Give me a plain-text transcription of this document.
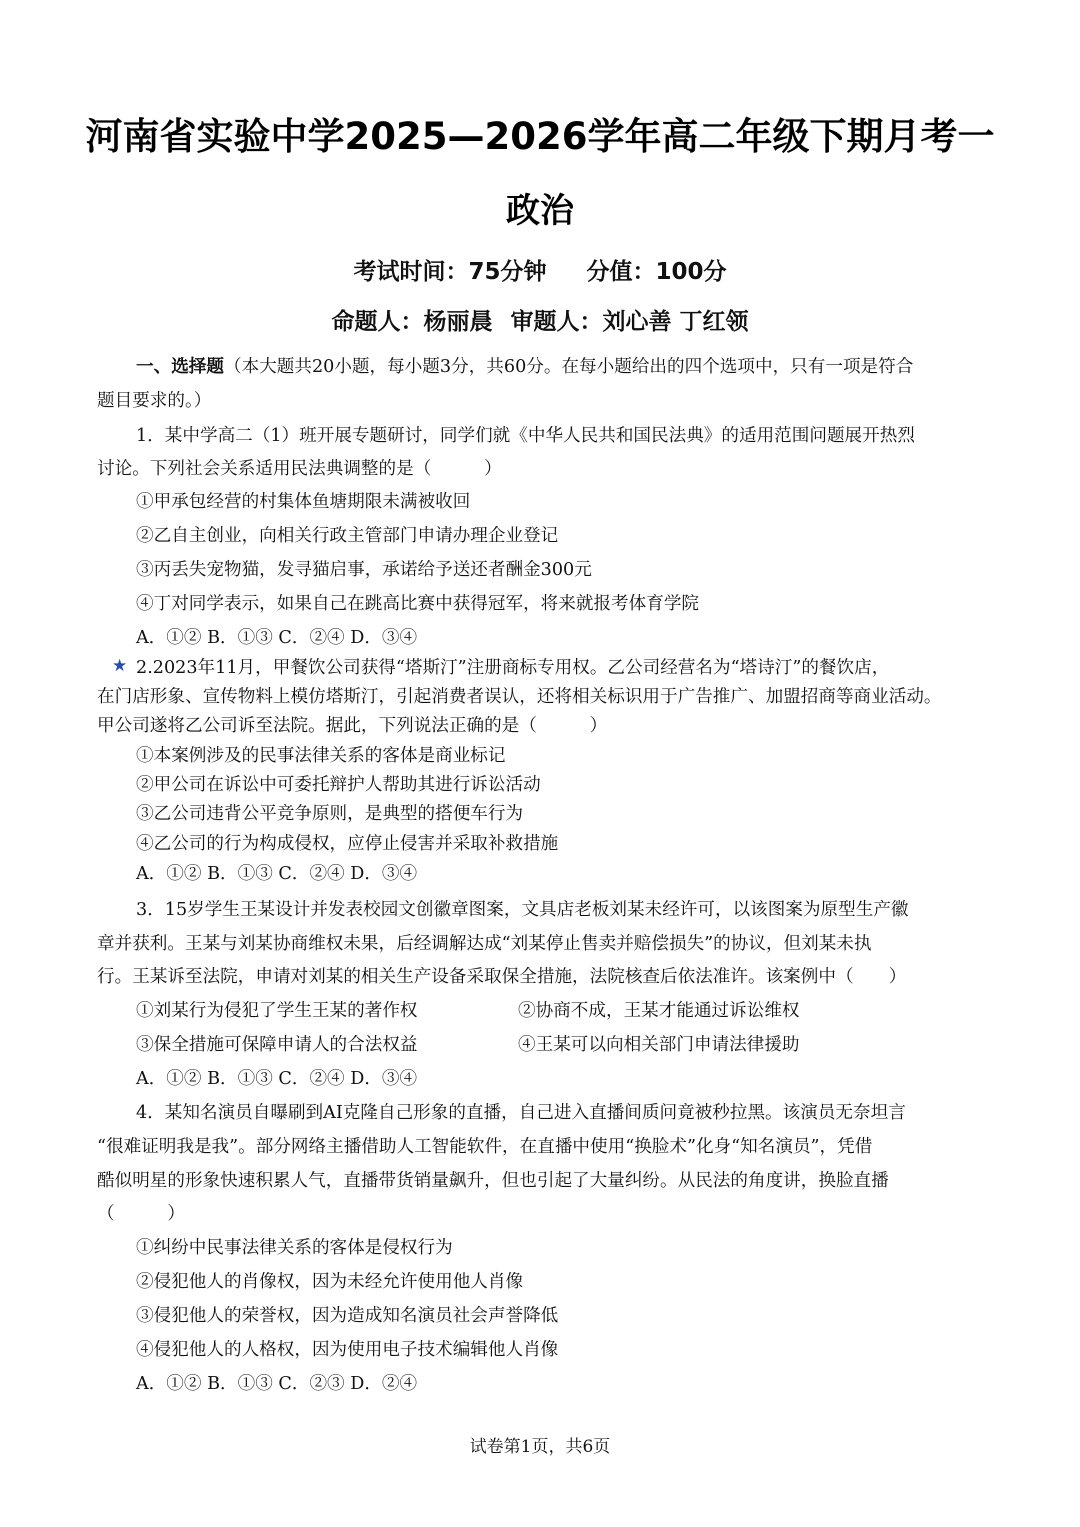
河南省实验中学2025—2026学年高二年级下期月考一
政治
考试时间：75分钟 分值：100分
命题人：杨丽晨 审题人：刘心善 丁红领
一、选择题（本大题共20小题，每小题3分，共60分。在每小题给出的四个选项中，只有一项是符合
题目要求的。）
1．某中学高二（1）班开展专题研讨，同学们就《中华人民共和国民法典》的适用范围问题展开热烈
讨论。下列社会关系适用民法典调整的是（　　　）
①甲承包经营的村集体鱼塘期限未满被收回
②乙自主创业，向相关行政主管部门申请办理企业登记
③丙丢失宠物猫，发寻猫启事，承诺给予送还者酬金300元
④丁对同学表示，如果自己在跳高比赛中获得冠军，将来就报考体育学院
A．①② B．①③ C．②④ D．③④
★ 2.2023年11月，甲餐饮公司获得“塔斯汀”注册商标专用权。乙公司经营名为“塔诗汀”的餐饮店，
在门店形象、宣传物料上模仿塔斯汀，引起消费者误认，还将相关标识用于广告推广、加盟招商等商业活动。
甲公司遂将乙公司诉至法院。据此，下列说法正确的是（　　　）
①本案例涉及的民事法律关系的客体是商业标记
②甲公司在诉讼中可委托辩护人帮助其进行诉讼活动
③乙公司违背公平竞争原则，是典型的搭便车行为
④乙公司的行为构成侵权，应停止侵害并采取补救措施
A．①② B．①③ C．②④ D．③④
3．15岁学生王某设计并发表校园文创徽章图案，文具店老板刘某未经许可，以该图案为原型生产徽
章并获利。王某与刘某协商维权未果，后经调解达成“刘某停止售卖并赔偿损失”的协议，但刘某未执
行。王某诉至法院，申请对刘某的相关生产设备采取保全措施，法院核查后依法准许。该案例中（　　）
①刘某行为侵犯了学生王某的著作权	②协商不成，王某才能通过诉讼维权
③保全措施可保障申请人的合法权益	④王某可以向相关部门申请法律援助
A．①② B．①③ C．②④ D．③④
4．某知名演员自曝刷到AI克隆自己形象的直播，自己进入直播间质问竟被秒拉黑。该演员无奈坦言
“很难证明我是我”。部分网络主播借助人工智能软件，在直播中使用“换脸术”化身“知名演员”，凭借
酷似明星的形象快速积累人气，直播带货销量飙升，但也引起了大量纠纷。从民法的角度讲，换脸直播
（　　　）
①纠纷中民事法律关系的客体是侵权行为
②侵犯他人的肖像权，因为未经允许使用他人肖像
③侵犯他人的荣誉权，因为造成知名演员社会声誉降低
④侵犯他人的人格权，因为使用电子技术编辑他人肖像
A．①② B．①③ C．②③ D．②④
试卷第1页，共6页
